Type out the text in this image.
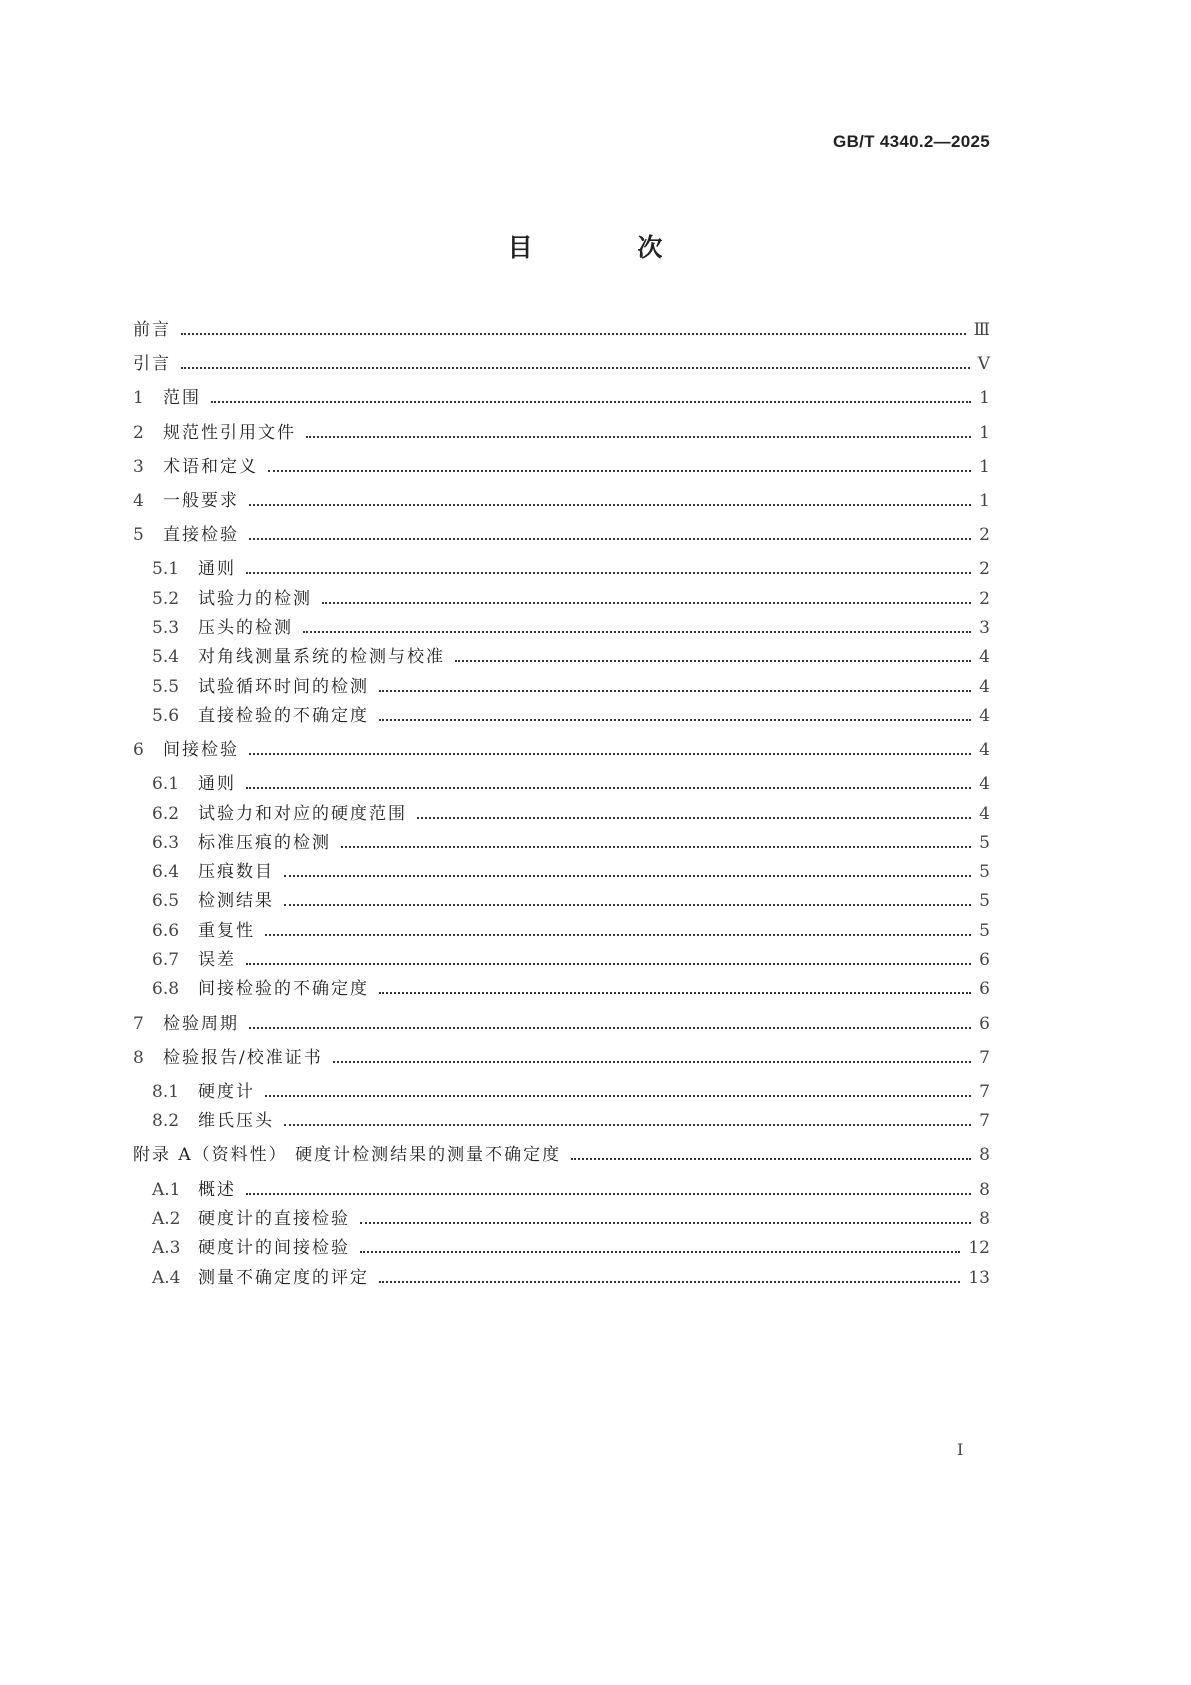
GB/T 4340.2—2025
目 次
前言	Ⅲ
引言	Ⅴ
1	范围	1
2	规范性引用文件	1
3	术语和定义	1
4	一般要求	1
5	直接检验	2
5.1	通则	2
5.2	试验力的检测	2
5.3	压头的检测	3
5.4	对角线测量系统的检测与校准	4
5.5	试验循环时间的检测	4
5.6	直接检验的不确定度	4
6	间接检验	4
6.1	通则	4
6.2	试验力和对应的硬度范围	4
6.3	标准压痕的检测	5
6.4	压痕数目	5
6.5	检测结果	5
6.6	重复性	5
6.7	误差	6
6.8	间接检验的不确定度	6
7	检验周期	6
8	检验报告/校准证书	7
8.1	硬度计	7
8.2	维氏压头	7
附录 A（资料性） 硬度计检测结果的测量不确定度	8
A.1	概述	8
A.2	硬度计的直接检验	8
A.3	硬度计的间接检验	12
A.4	测量不确定度的评定	13
I
